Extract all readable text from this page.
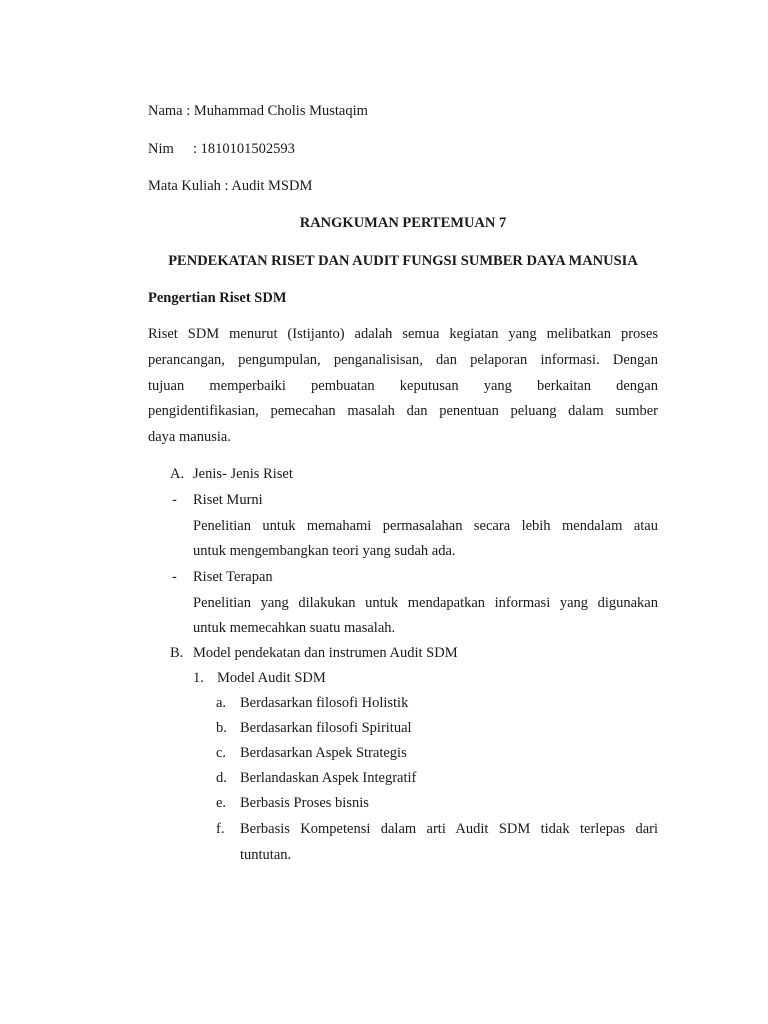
Nama : Muhammad Cholis Mustaqim
Nim : 1810101502593
Mata Kuliah : Audit MSDM
RANGKUMAN PERTEMUAN 7
PENDEKATAN RISET DAN AUDIT FUNGSI SUMBER DAYA MANUSIA
Pengertian Riset SDM
Riset SDM menurut (Istijanto) adalah semua kegiatan yang melibatkan proses
perancangan, pengumpulan, penganalisisan, dan pelaporan informasi. Dengan
tujuan memperbaiki pembuatan keputusan yang berkaitan dengan
pengidentifikasian, pemecahan masalah dan penentuan peluang dalam sumber
daya manusia.
A. Jenis- Jenis Riset
- Riset Murni
Penelitian untuk memahami permasalahan secara lebih mendalam atau
untuk mengembangkan teori yang sudah ada.
- Riset Terapan
Penelitian yang dilakukan untuk mendapatkan informasi yang digunakan
untuk memecahkan suatu masalah.
B. Model pendekatan dan instrumen Audit SDM
1. Model Audit SDM
a. Berdasarkan filosofi Holistik
b. Berdasarkan filosofi Spiritual
c. Berdasarkan Aspek Strategis
d. Berlandaskan Aspek Integratif
e. Berbasis Proses bisnis
f. Berbasis Kompetensi dalam arti Audit SDM tidak terlepas dari
tuntutan.
